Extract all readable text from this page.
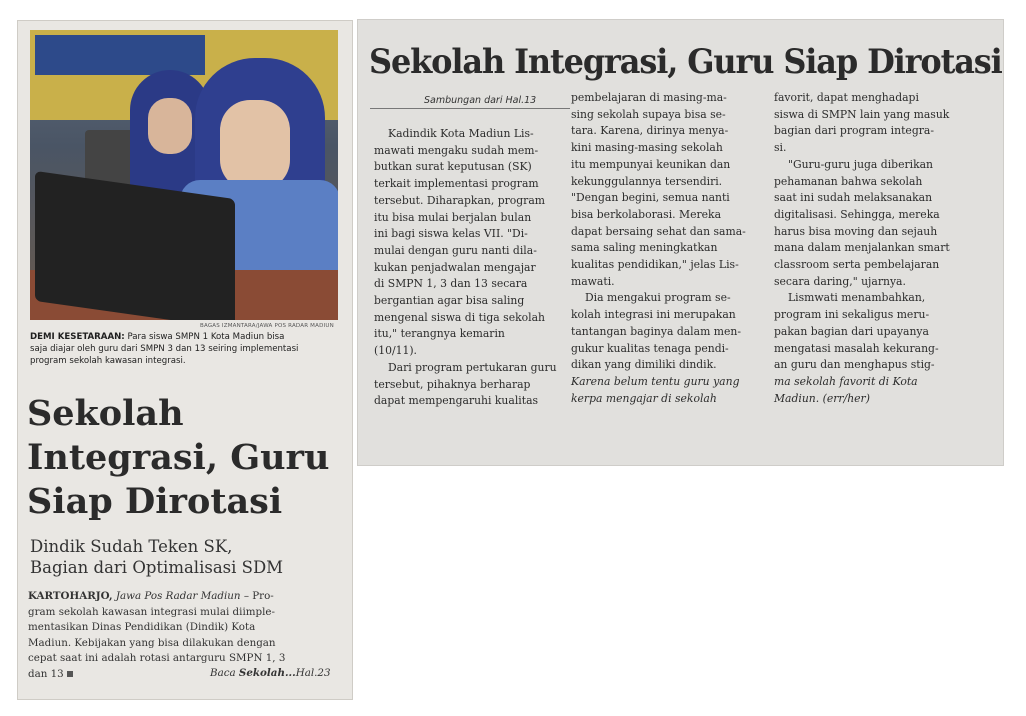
BAGAS IZMANTARA/JAWA POS RADAR MADIUN
DEMI KESETARAAN: Para siswa SMPN 1 Kota Madiun bisa
saja diajar oleh guru dari SMPN 3 dan 13 seiring implementasi
program sekolah kawasan integrasi.
Sekolah
Integrasi, Guru
Siap Dirotasi
Dindik Sudah Teken SK,
Bagian dari Optimalisasi SDM
KARTOHARJO, Jawa Pos Radar Madiun – Pro-
gram sekolah kawasan integrasi mulai diimple-
mentasikan Dinas Pendidikan (Dindik) Kota
Madiun. Kebijakan yang bisa dilakukan dengan
cepat saat ini adalah rotasi antarguru SMPN 1, 3
dan 13	Baca Sekolah...Hal.23
Sekolah Integrasi, Guru Siap Dirotasi
Sambungan dari Hal.13
Kadindik Kota Madiun Lis-
mawati mengaku sudah mem-
butkan surat keputusan (SK)
terkait implementasi program
tersebut. Diharapkan, program
itu bisa mulai berjalan bulan
ini bagi siswa kelas VII. "Di-
mulai dengan guru nanti dila-
kukan penjadwalan mengajar
di SMPN 1, 3 dan 13 secara
bergantian agar bisa saling
mengenal siswa di tiga sekolah
itu," terangnya kemarin
(10/11).
Dari program pertukaran guru
tersebut, pihaknya berharap
dapat mempengaruhi kualitas
pembelajaran di masing-ma-
sing sekolah supaya bisa se-
tara. Karena, dirinya menya-
kini masing-masing sekolah
itu mempunyai keunikan dan
kekunggulannya tersendiri.
"Dengan begini, semua nanti
bisa berkolaborasi. Mereka
dapat bersaing sehat dan sama-
sama saling meningkatkan
kualitas pendidikan," jelas Lis-
mawati.
Dia mengakui program se-
kolah integrasi ini merupakan
tantangan baginya dalam men-
gukur kualitas tenaga pendi-
dikan yang dimiliki dindik.
Karena belum tentu guru yang
kerpa mengajar di sekolah
favorit, dapat menghadapi
siswa di SMPN lain yang masuk
bagian dari program integra-
si.
"Guru-guru juga diberikan
pehamanan bahwa sekolah
saat ini sudah melaksanakan
digitalisasi. Sehingga, mereka
harus bisa moving dan sejauh
mana dalam menjalankan smart
classroom serta pembelajaran
secara daring," ujarnya.
Lismwati menambahkan,
program ini sekaligus meru-
pakan bagian dari upayanya
mengatasi masalah kekurang-
an guru dan menghapus stig-
ma sekolah favorit di Kota
Madiun. (err/her)
